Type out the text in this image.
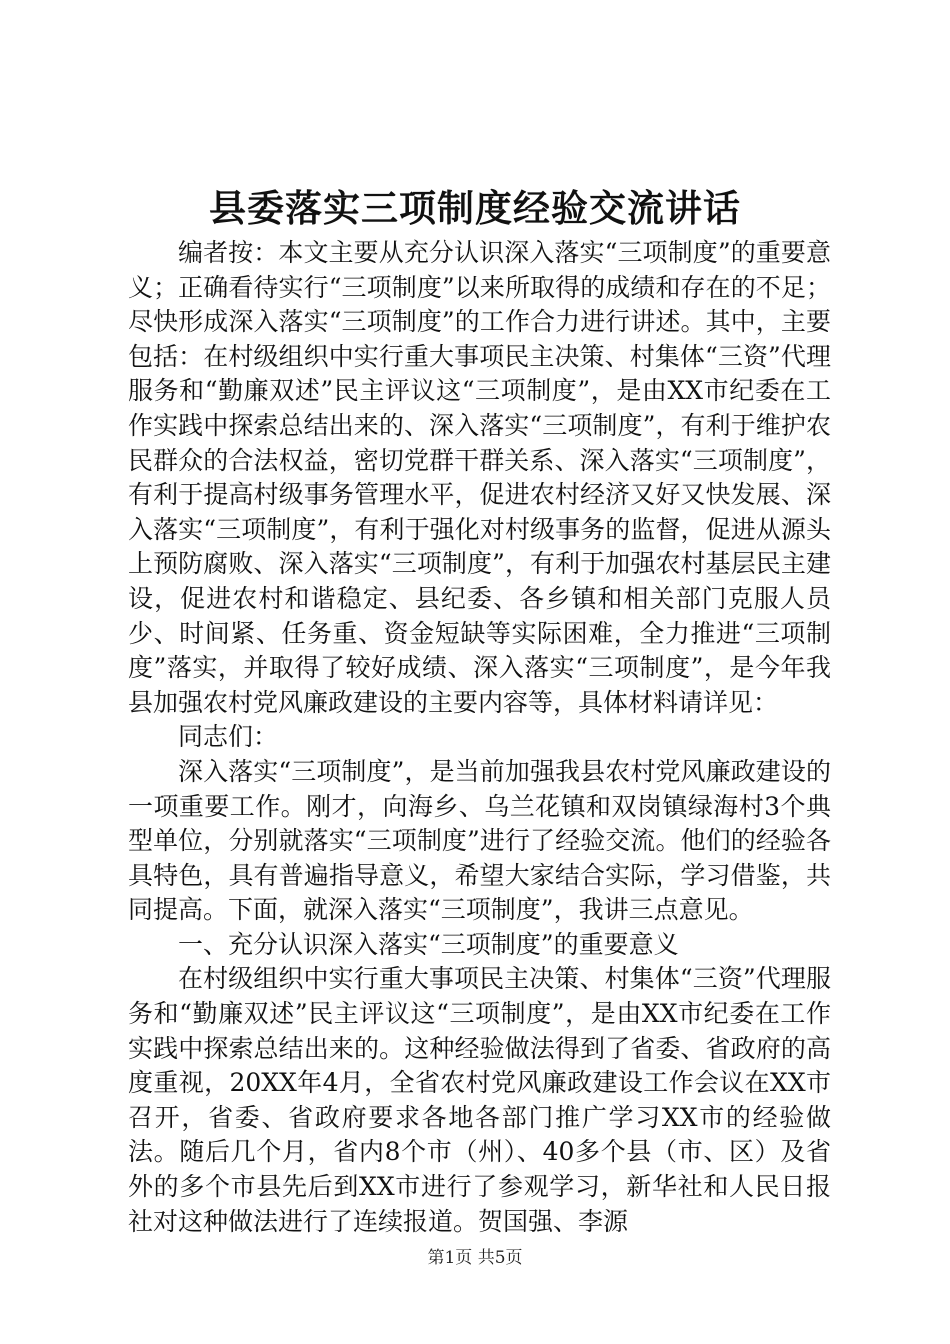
县委落实三项制度经验交流讲话

编者按：本文主要从充分认识深入落实“三项制度”的重要意义；正确看待实行“三项制度”以来所取得的成绩和存在的不足；尽快形成深入落实“三项制度”的工作合力进行讲述。其中，主要包括：在村级组织中实行重大事项民主决策、村集体“三资”代理服务和“勤廉双述”民主评议这“三项制度”，是由XX市纪委在工作实践中探索总结出来的、深入落实“三项制度”，有利于维护农民群众的合法权益，密切党群干群关系、深入落实“三项制度”，有利于提高村级事务管理水平，促进农村经济又好又快发展、深入落实“三项制度”，有利于强化对村级事务的监督，促进从源头上预防腐败、深入落实“三项制度”，有利于加强农村基层民主建设，促进农村和谐稳定、县纪委、各乡镇和相关部门克服人员少、时间紧、任务重、资金短缺等实际困难，全力推进“三项制度”落实，并取得了较好成绩、深入落实“三项制度”，是今年我县加强农村党风廉政建设的主要内容等，具体材料请详见：

同志们：

深入落实“三项制度”，是当前加强我县农村党风廉政建设的一项重要工作。刚才，向海乡、乌兰花镇和双岗镇绿海村3个典型单位，分别就落实“三项制度”进行了经验交流。他们的经验各具特色，具有普遍指导意义，希望大家结合实际，学习借鉴，共同提高。下面，就深入落实“三项制度”，我讲三点意见。

一、充分认识深入落实“三项制度”的重要意义

在村级组织中实行重大事项民主决策、村集体“三资”代理服务和“勤廉双述”民主评议这“三项制度”，是由XX市纪委在工作实践中探索总结出来的。这种经验做法得到了省委、省政府的高度重视，20XX年4月，全省农村党风廉政建设工作会议在XX市召开，省委、省政府要求各地各部门推广学习XX市的经验做法。随后几个月，省内8个市（州）、40多个县（市、区）及省外的多个市县先后到XX市进行了参观学习，新华社和人民日报社对这种做法进行了连续报道。贺国强、李源

第1页 共5页
